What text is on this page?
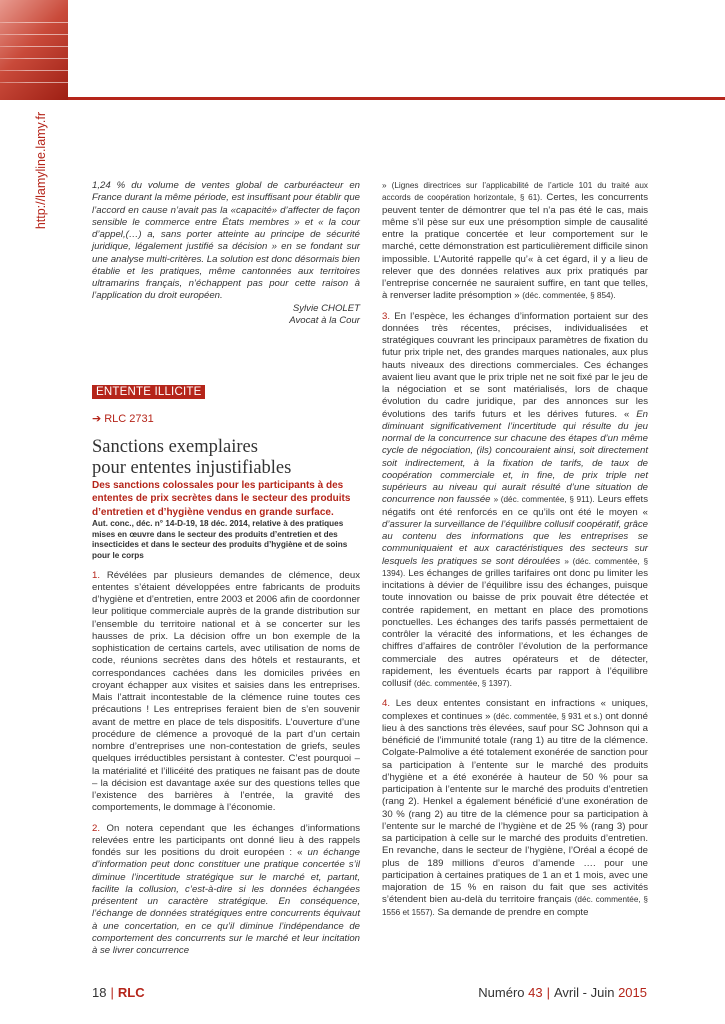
http://lamyline.lamy.fr	1,24 % du volume de ventes global de carburéacteur en France durant la même période, est insuffisant pour établir que l’accord en cause n’avait pas la «capacité» d’affecter de façon sensible le commerce entre États membres » et « la cour d’appel,(…) a, sans porter atteinte au principe de sécurité juridique, légalement justifié sa décision » en se fondant sur une analyse multi-critères. La solution est donc désormais bien établie et les pratiques, même cantonnées aux territoires ultramarins français, n’échappent pas pour cette raison à l’application du droit européen.

Sylvie CHOLET

Avocat à la Cour

ENTENTE ILLICITE
➔ RLC 2731
Sanctions exemplaires
pour ententes injustifiables

Des sanctions colossales pour les participants à des ententes de prix secrètes dans le secteur des produits d’entretien et d’hygiène vendus en grande surface.

Aut. conc., déc. n° 14-D-19, 18 déc. 2014, relative à des pratiques mises en œuvre dans le secteur des produits d’entretien et des insecticides et dans le secteur des produits d’hygiène et de soins pour le corps

1. Révélées par plusieurs demandes de clémence, deux ententes s’étaient développées entre fabricants de produits d’hygiène et d’entretien, entre 2003 et 2006 afin de coordonner leur politique commerciale auprès de la grande distribution sur l’ensemble du territoire national et à se concerter sur les hausses de prix. La décision offre un bon exemple de la sophistication de certains cartels, avec utilisation de noms de code, réunions secrètes dans des hôtels et restaurants, et correspondances cachées dans les domiciles privées en croyant échapper aux visites et saisies dans les entreprises. Mais l’attrait incontestable de la clémence ruine toutes ces précautions ! Les entreprises feraient bien de s’en souvenir avant de mettre en place de tels dispositifs. L’ouverture d’une procédure de clémence a provoqué de la part d’un certain nombre d’entreprises une non-contestation de griefs, seules quelques irréductibles persistant à contester. C’est pourquoi – la matérialité et l’illicéité des pratiques ne faisant pas de doute – la décision est davantage axée sur des questions telles que l’existence des barrières à l’entrée, la gravité des comportements, le dommage à l’économie.

2. On notera cependant que les échanges d’informations relevées entre les participants ont donné lieu à des rappels fondés sur les positions du droit européen : « un échange d’information peut donc constituer une pratique concertée s’il diminue l’incertitude stratégique sur le marché et, partant, facilite la collusion, c’est-à-dire si les données échangées présentent un caractère stratégique. En conséquence, l’échange de données stratégiques entre concurrents équivaut à une concertation, en ce qu’il diminue l’indépendance de comportement des concurrents sur le marché et leur incitation à se livrer concurrence

» (Lignes directrices sur l’applicabilité de l’article 101 du traité aux accords de coopération horizontale, § 61). Certes, les concurrents peuvent tenter de démontrer que tel n’a pas été le cas, mais même s’il pèse sur eux une présomption simple de causalité entre la pratique concertée et leur comportement sur le marché, cette démonstration est particulièrement difficile sinon impossible. L’Autorité rappelle qu’« à cet égard, il y a lieu de relever que des données relatives aux prix pratiqués par l’entreprise concernée ne sauraient suffire, en tant que telles, à renverser ladite présomption » (déc. commentée, § 854).

3. En l’espèce, les échanges d’information portaient sur des données très récentes, précises, individualisées et stratégiques couvrant les principaux paramètres de fixation du futur prix triple net, des grandes marques nationales, aux plus hauts niveaux des directions commerciales. Ces échanges avaient lieu avant que le prix triple net ne soit fixé par le jeu de la négociation et se sont matérialisés, lors de chaque évolution du cadre juridique, par des annonces sur les évolutions des tarifs futurs et les dérives futures. « En diminuant significativement l’incertitude qui résulte du jeu normal de la concurrence sur chacune des étapes d’un même cycle de négociation, (ils) concouraient ainsi, soit directement soit indirectement, à la fixation de tarifs, de taux de coopération commerciale et, in fine, de prix triple net supérieurs au niveau qui aurait résulté d’une situation de concurrence non faussée » (déc. commentée, § 911). Leurs effets négatifs ont été renforcés en ce qu’ils ont été le moyen « d’assurer la surveillance de l’équilibre collusif coopératif, grâce au contenu des informations que les entreprises se communiquaient et aux caractéristiques des secteurs sur lesquels les pratiques se sont déroulées » (déc. commentée, § 1394). Les échanges de grilles tarifaires ont donc pu limiter les incitations à dévier de l’équilibre issu des échanges, puisque toute innovation ou baisse de prix pouvait être détectée et contrée rapidement, en mettant en place des promotions ponctuelles. Les échanges des tarifs passés permettaient de contrôler la véracité des informations, et les échanges de chiffres d’affaires de contrôler l’évolution de la performance commerciale des autres opérateurs et de détecter, rapidement, les éventuels écarts par rapport à l’équilibre collusif (déc. commentée, § 1397).

4. Les deux ententes consistant en infractions « uniques, complexes et continues » (déc. commentée, § 931 et s.) ont donné lieu à des sanctions très élevées, sauf pour SC Johnson qui a bénéficié de l’immunité totale (rang 1) au titre de la clémence. Colgate-Palmolive a été totalement exonérée de sanction pour sa participation à l’entente sur le marché des produits d’hygiène et a été exonérée à hauteur de 50 % pour sa participation à l’entente sur le marché des produits d’entretien (rang 2). Henkel a également bénéficié d’une exonération de 30 % (rang 2) au titre de la clémence pour sa participation à l’entente sur le marché de l’hygiène et de 25 % (rang 3) pour sa participation à celle sur le marché des produits d’entretien. En revanche, dans le secteur de l’hygiène, l’Oréal a écopé de plus de 189 millions d’euros d’amende …. pour une participation à certaines pratiques de 1 an et 1 mois, avec une majoration de 15 % en raison du fait que ses activités s’étendent bien au-delà du territoire français (déc. commentée, § 1556 et 1557). Sa demande de prendre en compte

18 | RLC	Numéro 43 | Avril - Juin 2015
